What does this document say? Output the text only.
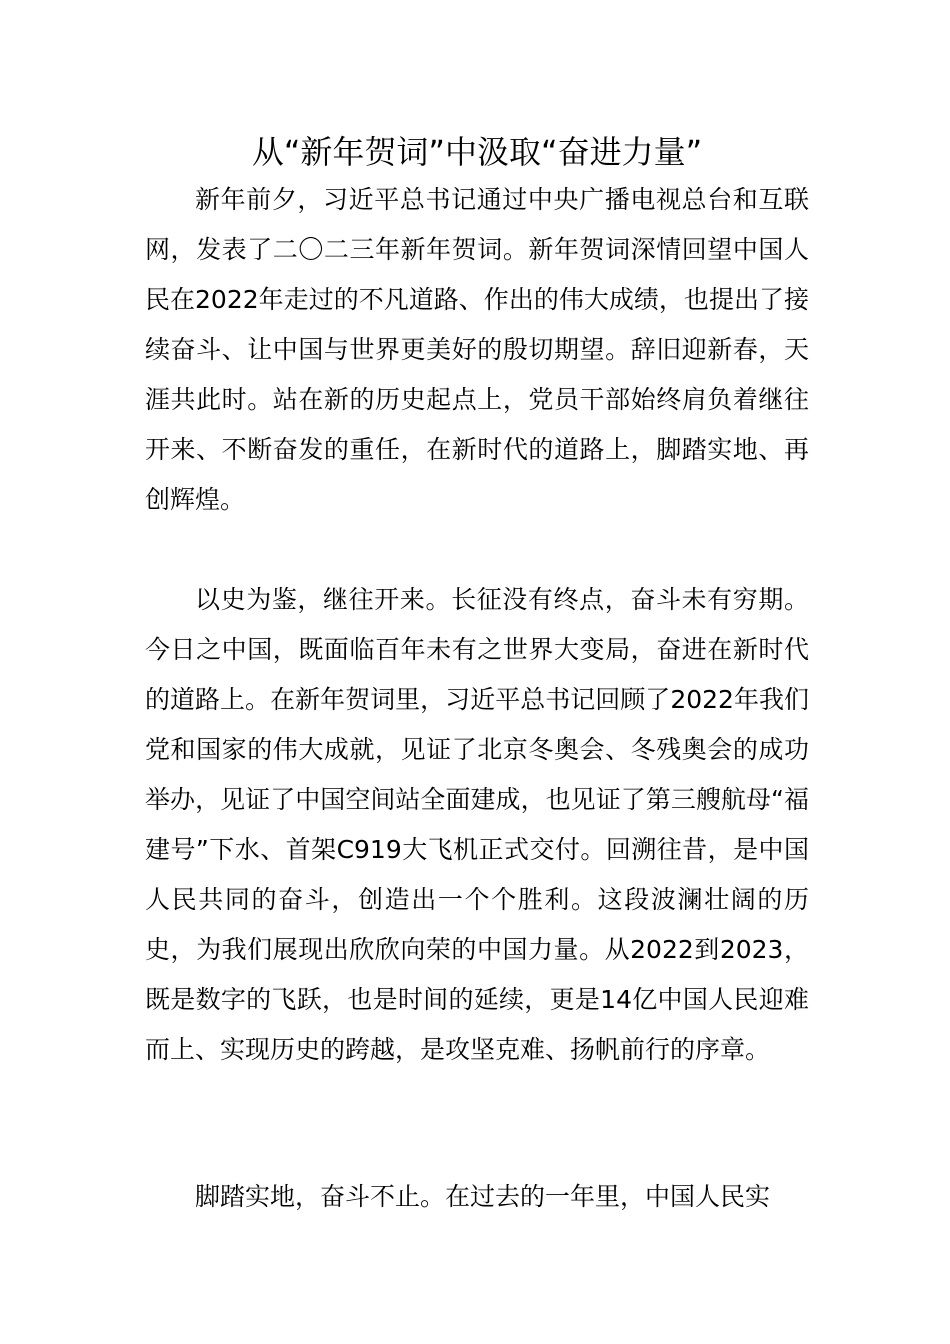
从“新年贺词”中汲取“奋进力量”

新年前夕，习近平总书记通过中央广播电视总台和互联网，发表了二〇二三年新年贺词。新年贺词深情回望中国人民在2022年走过的不凡道路、作出的伟大成绩，也提出了接续奋斗、让中国与世界更美好的殷切期望。辞旧迎新春，天涯共此时。站在新的历史起点上，党员干部始终肩负着继往开来、不断奋发的重任，在新时代的道路上，脚踏实地、再创辉煌。

以史为鉴，继往开来。长征没有终点，奋斗未有穷期。今日之中国，既面临百年未有之世界大变局，奋进在新时代的道路上。在新年贺词里，习近平总书记回顾了2022年我们党和国家的伟大成就，见证了北京冬奥会、冬残奥会的成功举办，见证了中国空间站全面建成，也见证了第三艘航母“福建号”下水、首架C919大飞机正式交付。回溯往昔，是中国人民共同的奋斗，创造出一个个胜利。这段波澜壮阔的历史，为我们展现出欣欣向荣的中国力量。从2022到2023，既是数字的飞跃，也是时间的延续，更是14亿中国人民迎难而上、实现历史的跨越，是攻坚克难、扬帆前行的序章。

脚踏实地，奋斗不止。在过去的一年里，中国人民实
